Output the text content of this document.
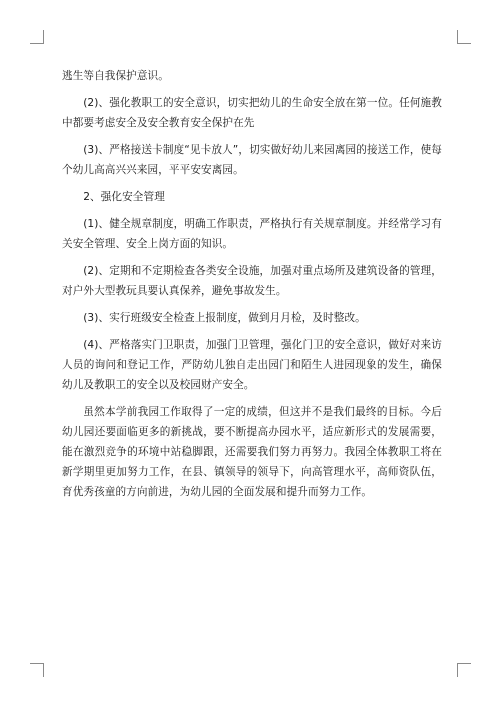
逃生等自我保护意识。

(2)、强化教职工的安全意识，切实把幼儿的生命安全放在第一位。任何施教中都要考虑安全及安全教育安全保护在先

(3)、严格接送卡制度“见卡放人”，切实做好幼儿来园离园的接送工作，使每个幼儿高高兴兴来园，平平安安离园。

2、强化安全管理

(1)、健全规章制度，明确工作职责，严格执行有关规章制度。并经常学习有关安全管理、安全上岗方面的知识。

(2)、定期和不定期检查各类安全设施，加强对重点场所及建筑设备的管理，对户外大型教玩具要认真保养，避免事故发生。

(3)、实行班级安全检查上报制度，做到月月检，及时整改。

(4)、严格落实门卫职责，加强门卫管理，强化门卫的安全意识，做好对来访人员的询问和登记工作，严防幼儿独自走出园门和陌生人进园现象的发生，确保幼儿及教职工的安全以及校园财产安全。

虽然本学前我园工作取得了一定的成绩，但这并不是我们最终的目标。今后幼儿园还要面临更多的新挑战，要不断提高办园水平，适应新形式的发展需要，能在激烈竞争的环境中站稳脚跟，还需要我们努力再努力。我园全体教职工将在新学期里更加努力工作，在县、镇领导的领导下，向高管理水平，高师资队伍，育优秀孩童的方向前进，为幼儿园的全面发展和提升而努力工作。
